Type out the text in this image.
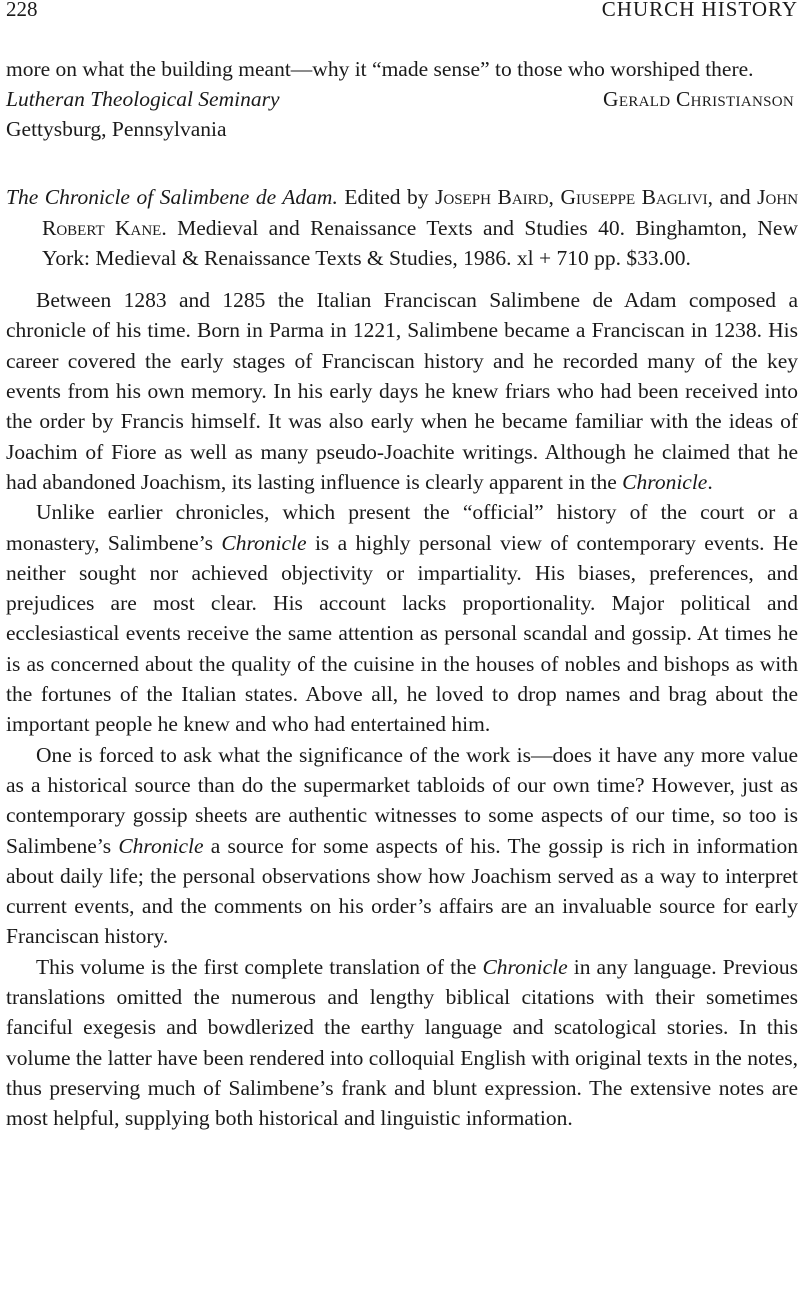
228	CHURCH HISTORY

more on what the building meant—why it “made sense” to those who worshiped there.

Lutheran Theological Seminary
Gettysburg, Pennsylvania
Gerald Christianson

The Chronicle of Salimbene de Adam. Edited by Joseph Baird, Giuseppe Baglivi, and John Robert Kane. Medieval and Renaissance Texts and Studies 40. Binghamton, New York: Medieval & Renaissance Texts & Studies, 1986. xl + 710 pp. $33.00.

Between 1283 and 1285 the Italian Franciscan Salimbene de Adam composed a chronicle of his time. Born in Parma in 1221, Salimbene became a Franciscan in 1238. His career covered the early stages of Franciscan history and he recorded many of the key events from his own memory. In his early days he knew friars who had been received into the order by Francis himself. It was also early when he became familiar with the ideas of Joachim of Fiore as well as many pseudo-Joachite writings. Although he claimed that he had abandoned Joachism, its lasting influence is clearly apparent in the Chronicle.

Unlike earlier chronicles, which present the “official” history of the court or a monastery, Salimbene’s Chronicle is a highly personal view of contemporary events. He neither sought nor achieved objectivity or impartiality. His biases, preferences, and prejudices are most clear. His account lacks proportionality. Major political and ecclesiastical events receive the same attention as personal scandal and gossip. At times he is as concerned about the quality of the cuisine in the houses of nobles and bishops as with the fortunes of the Italian states. Above all, he loved to drop names and brag about the important people he knew and who had entertained him.

One is forced to ask what the significance of the work is—does it have any more value as a historical source than do the supermarket tabloids of our own time? However, just as contemporary gossip sheets are authentic witnesses to some aspects of our time, so too is Salimbene’s Chronicle a source for some aspects of his. The gossip is rich in information about daily life; the personal observations show how Joachism served as a way to interpret current events, and the comments on his order’s affairs are an invaluable source for early Franciscan history.

This volume is the first complete translation of the Chronicle in any language. Previous translations omitted the numerous and lengthy biblical citations with their sometimes fanciful exegesis and bowdlerized the earthy language and scatological stories. In this volume the latter have been rendered into colloquial English with original texts in the notes, thus preserving much of Salimbene’s frank and blunt expression. The extensive notes are most helpful, supplying both historical and linguistic information.
